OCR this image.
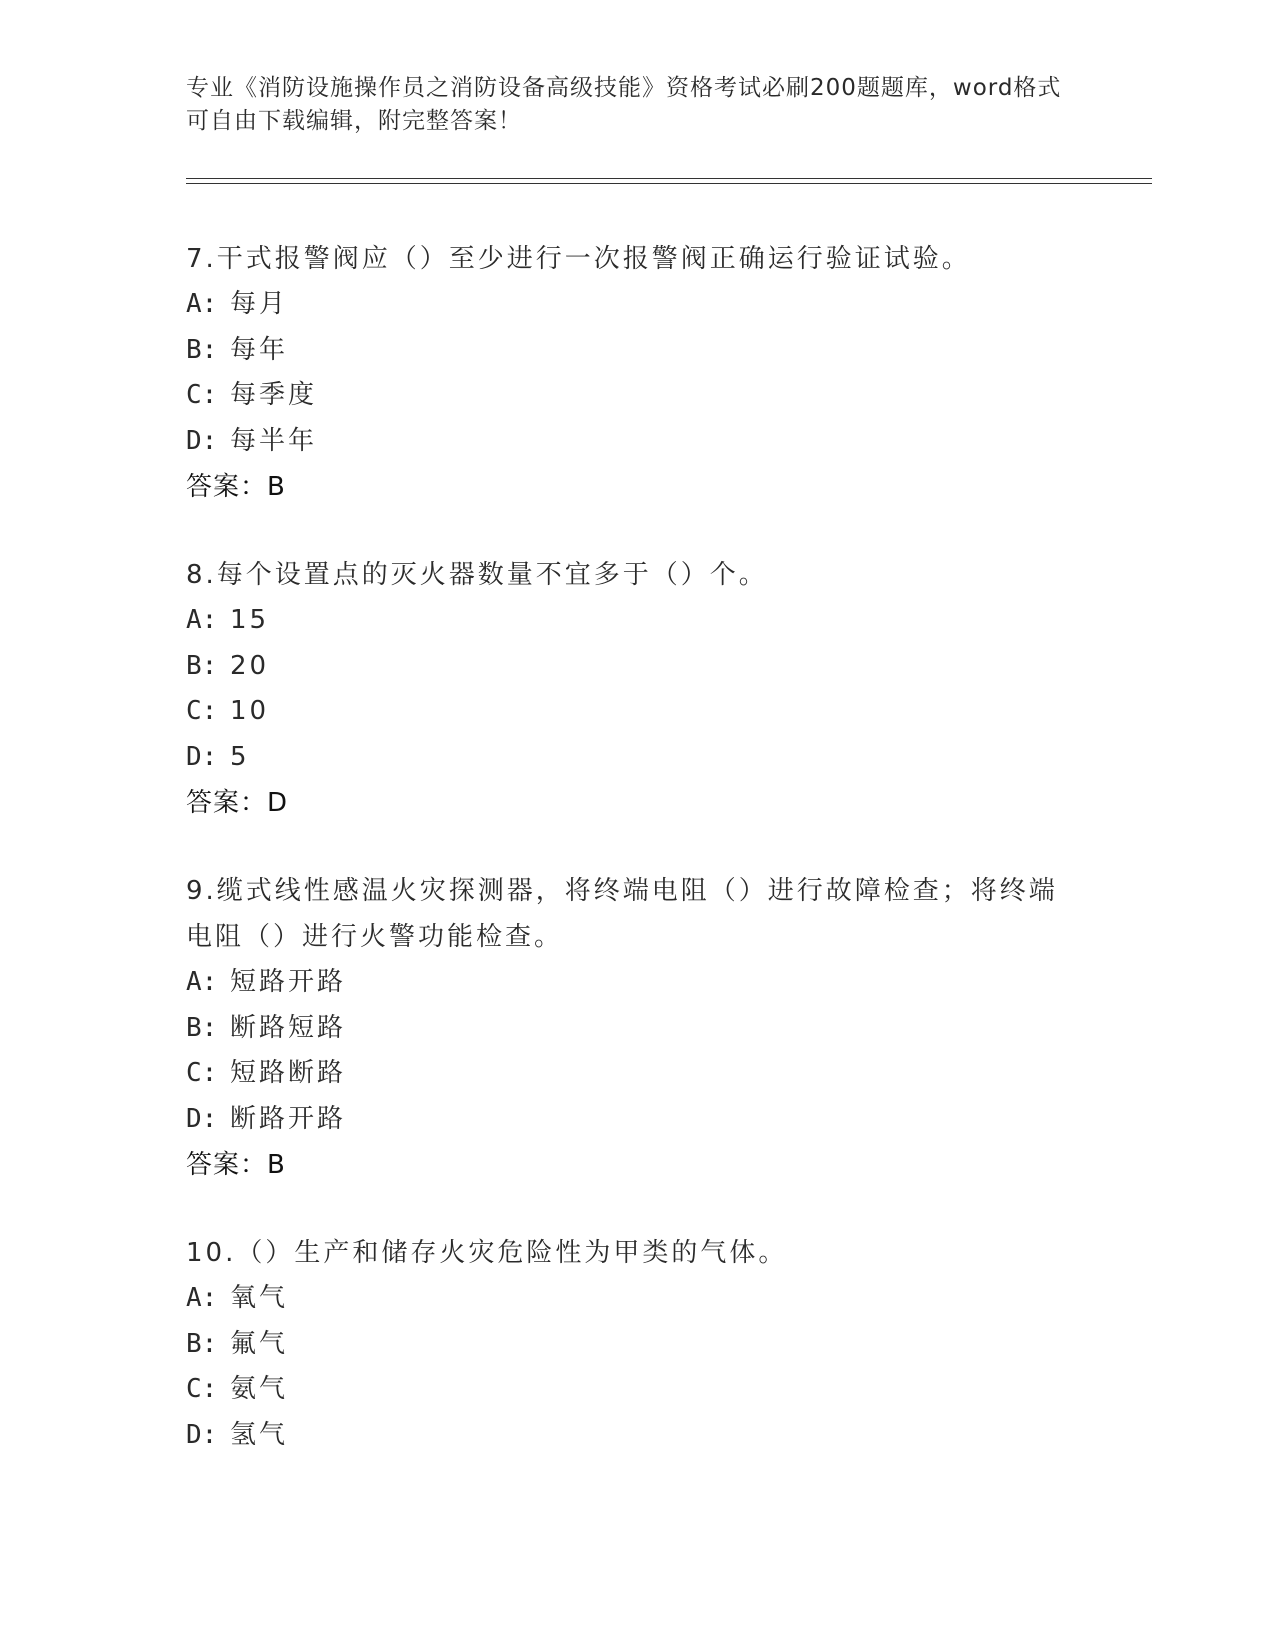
专业《消防设施操作员之消防设备高级技能》资格考试必刷200题题库，word格式可自由下载编辑，附完整答案！
7.干式报警阀应（）至少进行一次报警阀正确运行验证试验。
A: 每月
B: 每年
C: 每季度
D: 每半年
答案：B
8.每个设置点的灭火器数量不宜多于（）个。
A: 15
B: 20
C: 10
D: 5
答案：D
9.缆式线性感温火灾探测器，将终端电阻（）进行故障检查；将终端电阻（）进行火警功能检查。
A: 短路开路
B: 断路短路
C: 短路断路
D: 断路开路
答案：B
10.（）生产和储存火灾危险性为甲类的气体。
A: 氧气
B: 氟气
C: 氨气
D: 氢气
